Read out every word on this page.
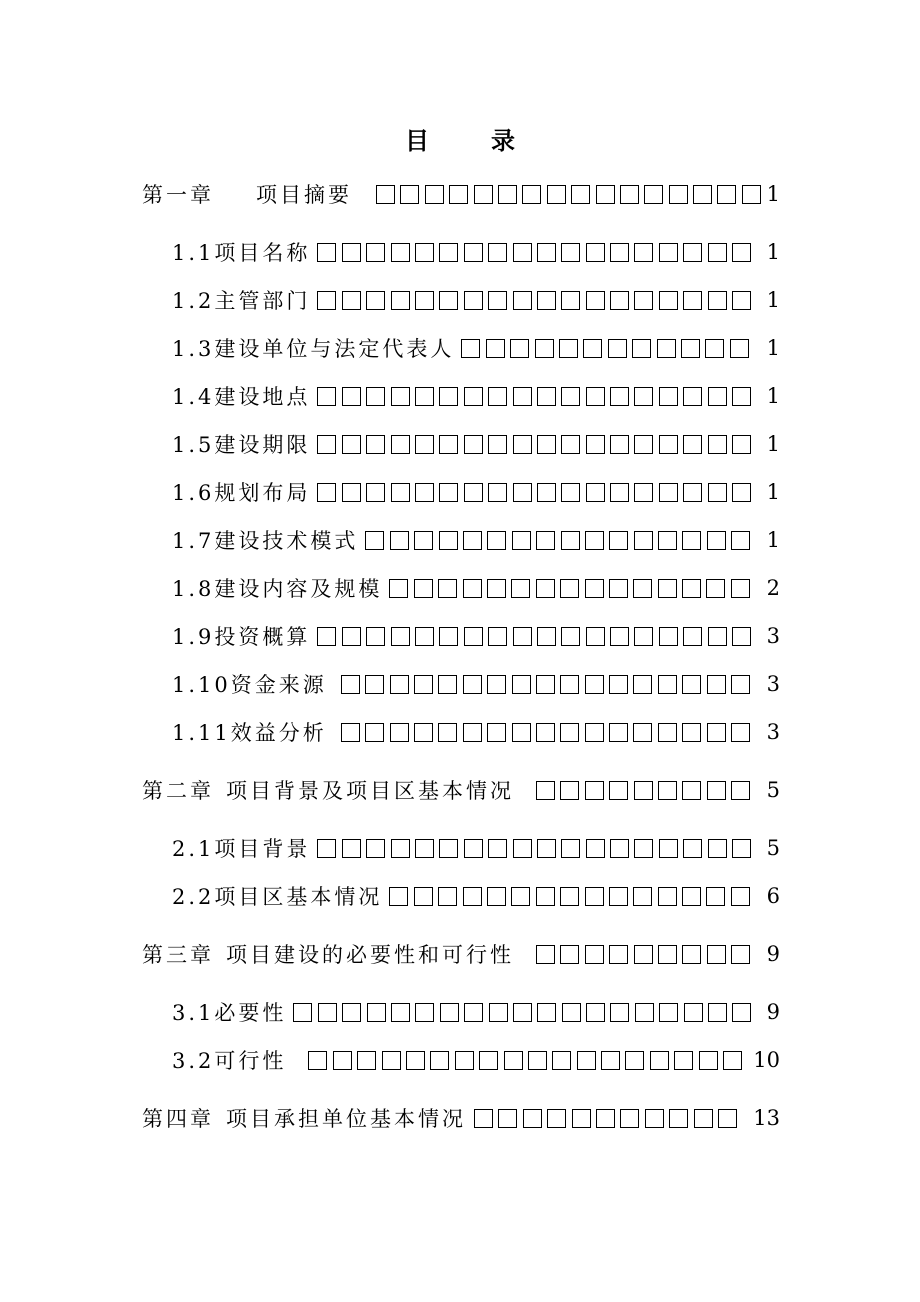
目录
第一章 项目摘要	1
1.1项目名称	1
1.2主管部门	1
1.3建设单位与法定代表人	1
1.4建设地点	1
1.5建设期限	1
1.6规划布局	1
1.7建设技术模式	1
1.8建设内容及规模	2
1.9投资概算	3
1.10资金来源	3
1.11效益分析	3
第二章 项目背景及项目区基本情况	5
2.1项目背景	5
2.2项目区基本情况	6
第三章 项目建设的必要性和可行性	9
3.1必要性	9
3.2可行性	10
第四章 项目承担单位基本情况	13
